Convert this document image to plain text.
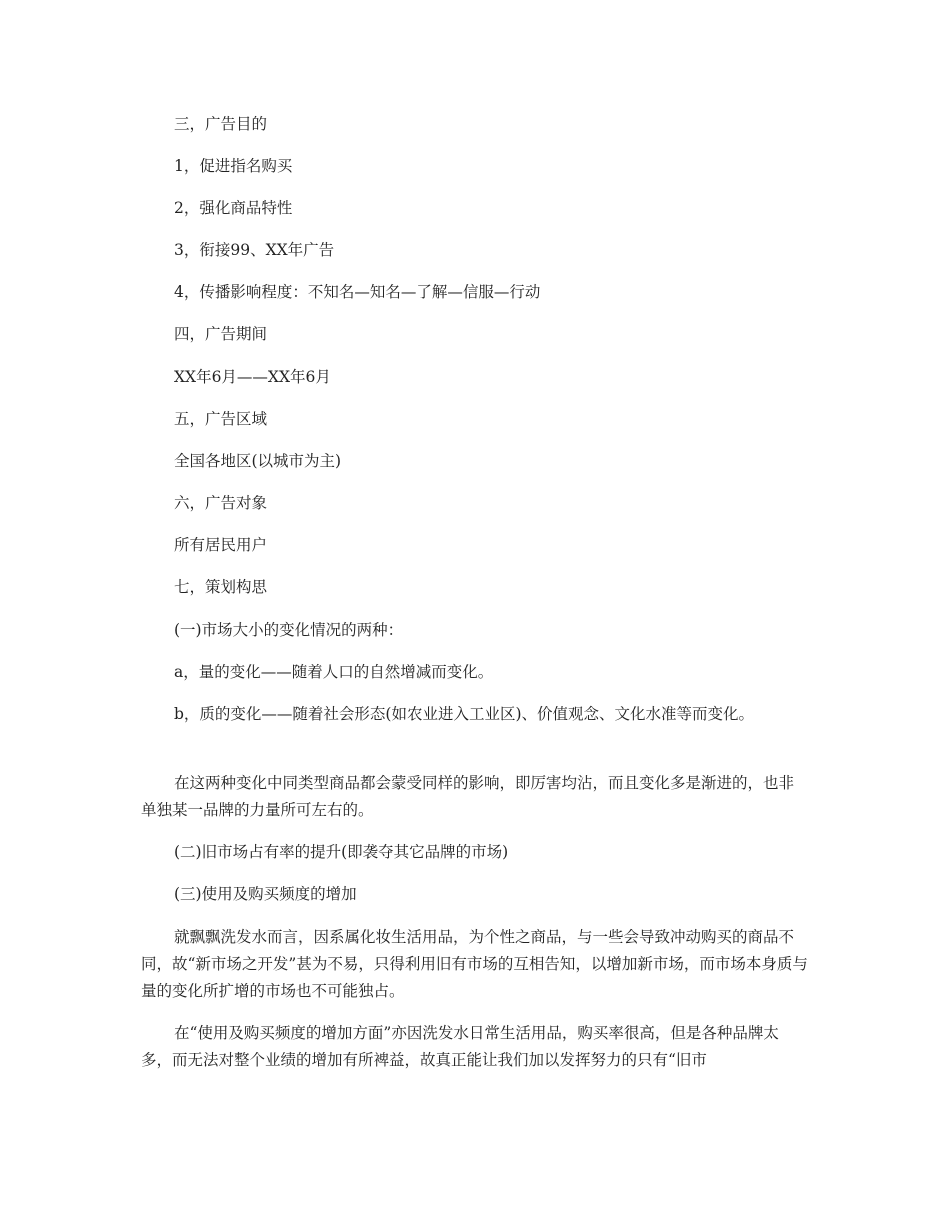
三，广告目的

1，促进指名购买

2，强化商品特性

3，衔接99、XX年广告

4，传播影响程度：不知名—知名—了解—信服—行动

四，广告期间

XX年6月——XX年6月

五，广告区域

全国各地区(以城市为主)

六，广告对象

所有居民用户

七，策划构思

(一)市场大小的变化情况的两种：

a，量的变化——随着人口的自然增减而变化。

b，质的变化——随着社会形态(如农业进入工业区)、价值观念、文化水准等而变化。

在这两种变化中同类型商品都会蒙受同样的影响，即厉害均沾，而且变化多是渐进的，也非单独某一品牌的力量所可左右的。

(二)旧市场占有率的提升(即袭夺其它品牌的市场)

(三)使用及购买频度的增加

就飘飘洗发水而言，因系属化妆生活用品，为个性之商品，与一些会导致冲动购买的商品不同，故“新市场之开发”甚为不易，只得利用旧有市场的互相告知，以增加新市场，而市场本身质与量的变化所扩增的市场也不可能独占。

在“使用及购买频度的增加方面”亦因洗发水日常生活用品，购买率很高，但是各种品牌太多，而无法对整个业绩的增加有所裨益，故真正能让我们加以发挥努力的只有“旧市
